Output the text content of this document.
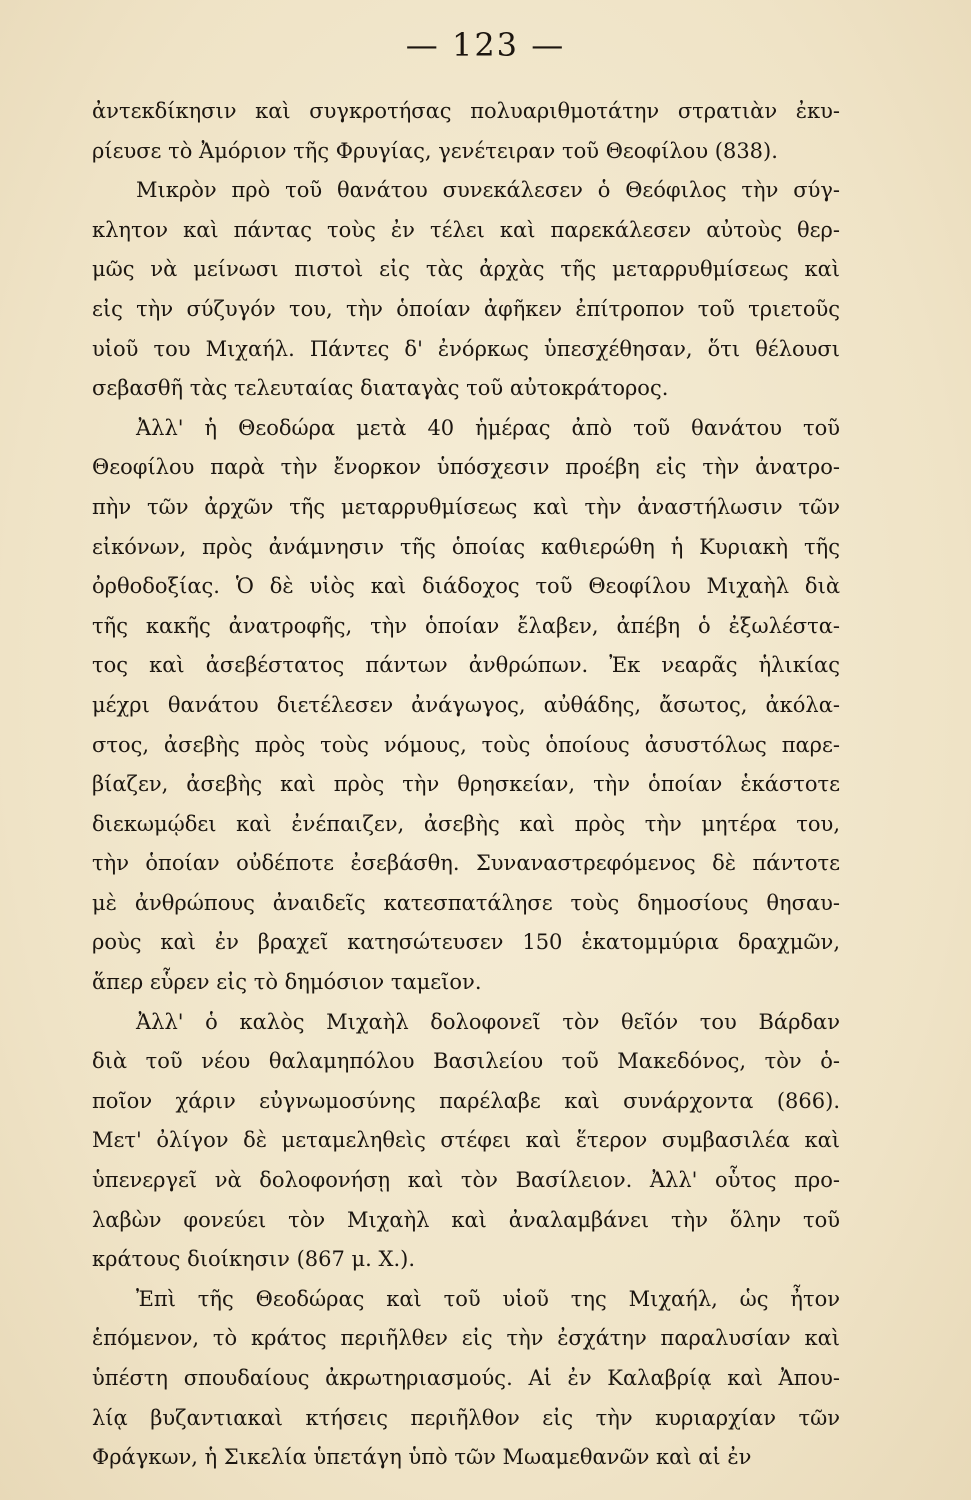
— 123 —
ἀντεκδίκησιν καὶ συγκροτήσας πολυαριθμοτάτην στρατιὰν ἐκυ-
ρίευσε τὸ Ἀμόριον τῆς Φρυγίας, γενέτειραν τοῦ Θεοφίλου (838).
Μικρὸν πρὸ τοῦ θανάτου συνεκάλεσεν ὁ Θεόφιλος τὴν σύγ-
κλητον καὶ πάντας τοὺς ἐν τέλει καὶ παρεκάλεσεν αὐτοὺς θερ-
μῶς νὰ μείνωσι πιστοὶ εἰς τὰς ἀρχὰς τῆς μεταρρυθμίσεως καὶ
εἰς τὴν σύζυγόν του, τὴν ὁποίαν ἀφῆκεν ἐπίτροπον τοῦ τριετοῦς
υἱοῦ του Μιχαήλ. Πάντες δ' ἐνόρκως ὑπεσχέθησαν, ὅτι θέλουσι
σεβασθῆ τὰς τελευταίας διαταγὰς τοῦ αὐτοκράτορος.
Ἀλλ' ἡ Θεοδώρα μετὰ 40 ἡμέρας ἀπὸ τοῦ θανάτου τοῦ
Θεοφίλου παρὰ τὴν ἔνορκον ὑπόσχεσιν προέβη εἰς τὴν ἀνατρο-
πὴν τῶν ἀρχῶν τῆς μεταρρυθμίσεως καὶ τὴν ἀναστήλωσιν τῶν
εἰκόνων, πρὸς ἀνάμνησιν τῆς ὁποίας καθιερώθη ἡ Κυριακὴ τῆς
ὀρθοδοξίας. Ὁ δὲ υἱὸς καὶ διάδοχος τοῦ Θεοφίλου Μιχαὴλ διὰ
τῆς κακῆς ἀνατροφῆς, τὴν ὁποίαν ἔλαβεν, ἀπέβη ὁ ἐξωλέστα-
τος καὶ ἀσεβέστατος πάντων ἀνθρώπων. Ἐκ νεαρᾶς ἡλικίας
μέχρι θανάτου διετέλεσεν ἀνάγωγος, αὐθάδης, ἄσωτος, ἀκόλα-
στος, ἀσεβὴς πρὸς τοὺς νόμους, τοὺς ὁποίους ἀσυστόλως παρε-
βίαζεν, ἀσεβὴς καὶ πρὸς τὴν θρησκείαν, τὴν ὁποίαν ἑκάστοτε
διεκωμῴδει καὶ ἐνέπαιζεν, ἀσεβὴς καὶ πρὸς τὴν μητέρα του,
τὴν ὁποίαν οὐδέποτε ἐσεβάσθη. Συναναστρεφόμενος δὲ πάντοτε
μὲ ἀνθρώπους ἀναιδεῖς κατεσπατάλησε τοὺς δημοσίους θησαυ-
ροὺς καὶ ἐν βραχεῖ κατησώτευσεν 150 ἑκατομμύρια δραχμῶν,
ἅπερ εὗρεν εἰς τὸ δημόσιον ταμεῖον.
Ἀλλ' ὁ καλὸς Μιχαὴλ δολοφονεῖ τὸν θεῖόν του Βάρδαν
διὰ τοῦ νέου θαλαμηπόλου Βασιλείου τοῦ Μακεδόνος, τὸν ὁ-
ποῖον χάριν εὐγνωμοσύνης παρέλαβε καὶ συνάρχοντα (866).
Μετ' ὀλίγον δὲ μεταμεληθεὶς στέφει καὶ ἕτερον συμβασιλέα καὶ
ὑπενεργεῖ νὰ δολοφονήσῃ καὶ τὸν Βασίλειον. Ἀλλ' οὗτος προ-
λαβὼν φονεύει τὸν Μιχαὴλ καὶ ἀναλαμβάνει τὴν ὅλην τοῦ
κράτους διοίκησιν (867 μ. Χ.).
Ἐπὶ τῆς Θεοδώρας καὶ τοῦ υἱοῦ της Μιχαήλ, ὡς ἦτον
ἑπόμενον, τὸ κράτος περιῆλθεν εἰς τὴν ἐσχάτην παραλυσίαν καὶ
ὑπέστη σπουδαίους ἀκρωτηριασμούς. Αἱ ἐν Καλαβρίᾳ καὶ Ἀπου-
λίᾳ βυζαντιακαὶ κτήσεις περιῆλθον εἰς τὴν κυριαρχίαν τῶν
Φράγκων, ἡ Σικελία ὑπετάγη ὑπὸ τῶν Μωαμεθανῶν καὶ αἱ ἐν
